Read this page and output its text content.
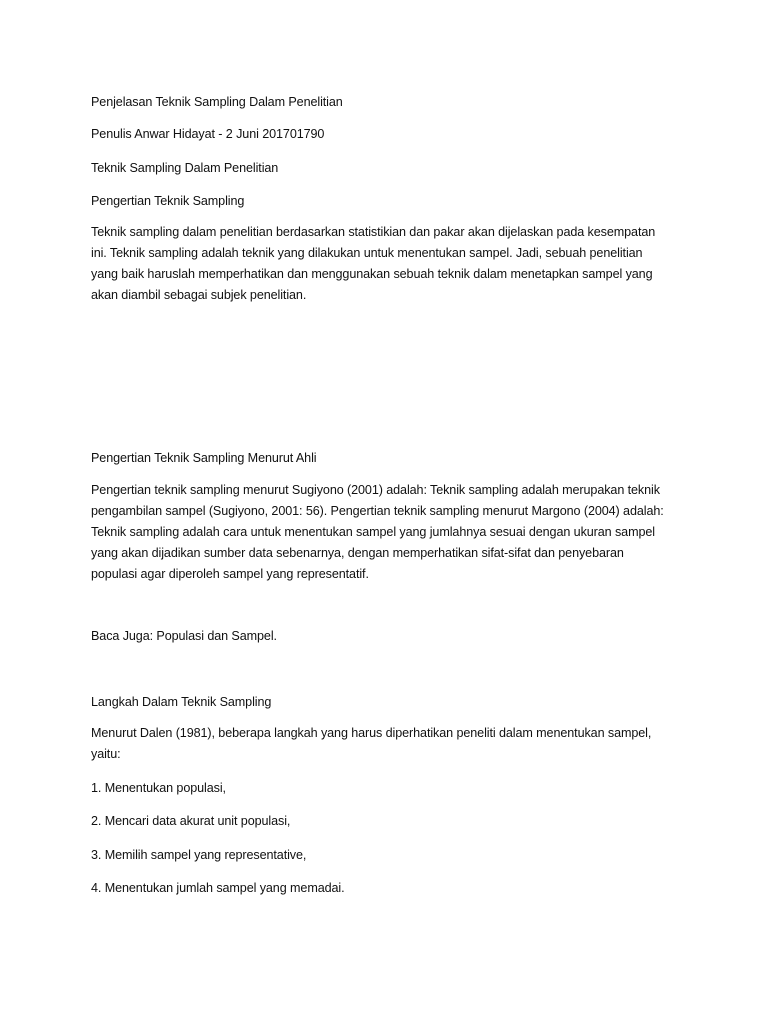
Penjelasan Teknik Sampling Dalam Penelitian
Penulis Anwar Hidayat - 2 Juni 201701790
Teknik Sampling Dalam Penelitian
Pengertian Teknik Sampling
Teknik sampling dalam penelitian berdasarkan statistikian dan pakar akan dijelaskan pada kesempatan
ini. Teknik sampling adalah teknik yang dilakukan untuk menentukan sampel. Jadi, sebuah penelitian
yang baik haruslah memperhatikan dan menggunakan sebuah teknik dalam menetapkan sampel yang
akan diambil sebagai subjek penelitian.
Pengertian Teknik Sampling Menurut Ahli
Pengertian teknik sampling menurut Sugiyono (2001) adalah: Teknik sampling adalah merupakan teknik
pengambilan sampel (Sugiyono, 2001: 56). Pengertian teknik sampling menurut Margono (2004) adalah:
Teknik sampling adalah cara untuk menentukan sampel yang jumlahnya sesuai dengan ukuran sampel
yang akan dijadikan sumber data sebenarnya, dengan memperhatikan sifat-sifat dan penyebaran
populasi agar diperoleh sampel yang representatif.
Baca Juga: Populasi dan Sampel.
Langkah Dalam Teknik Sampling
Menurut Dalen (1981), beberapa langkah yang harus diperhatikan peneliti dalam menentukan sampel,
yaitu:
1. Menentukan populasi,
2. Mencari data akurat unit populasi,
3. Memilih sampel yang representative,
4. Menentukan jumlah sampel yang memadai.
